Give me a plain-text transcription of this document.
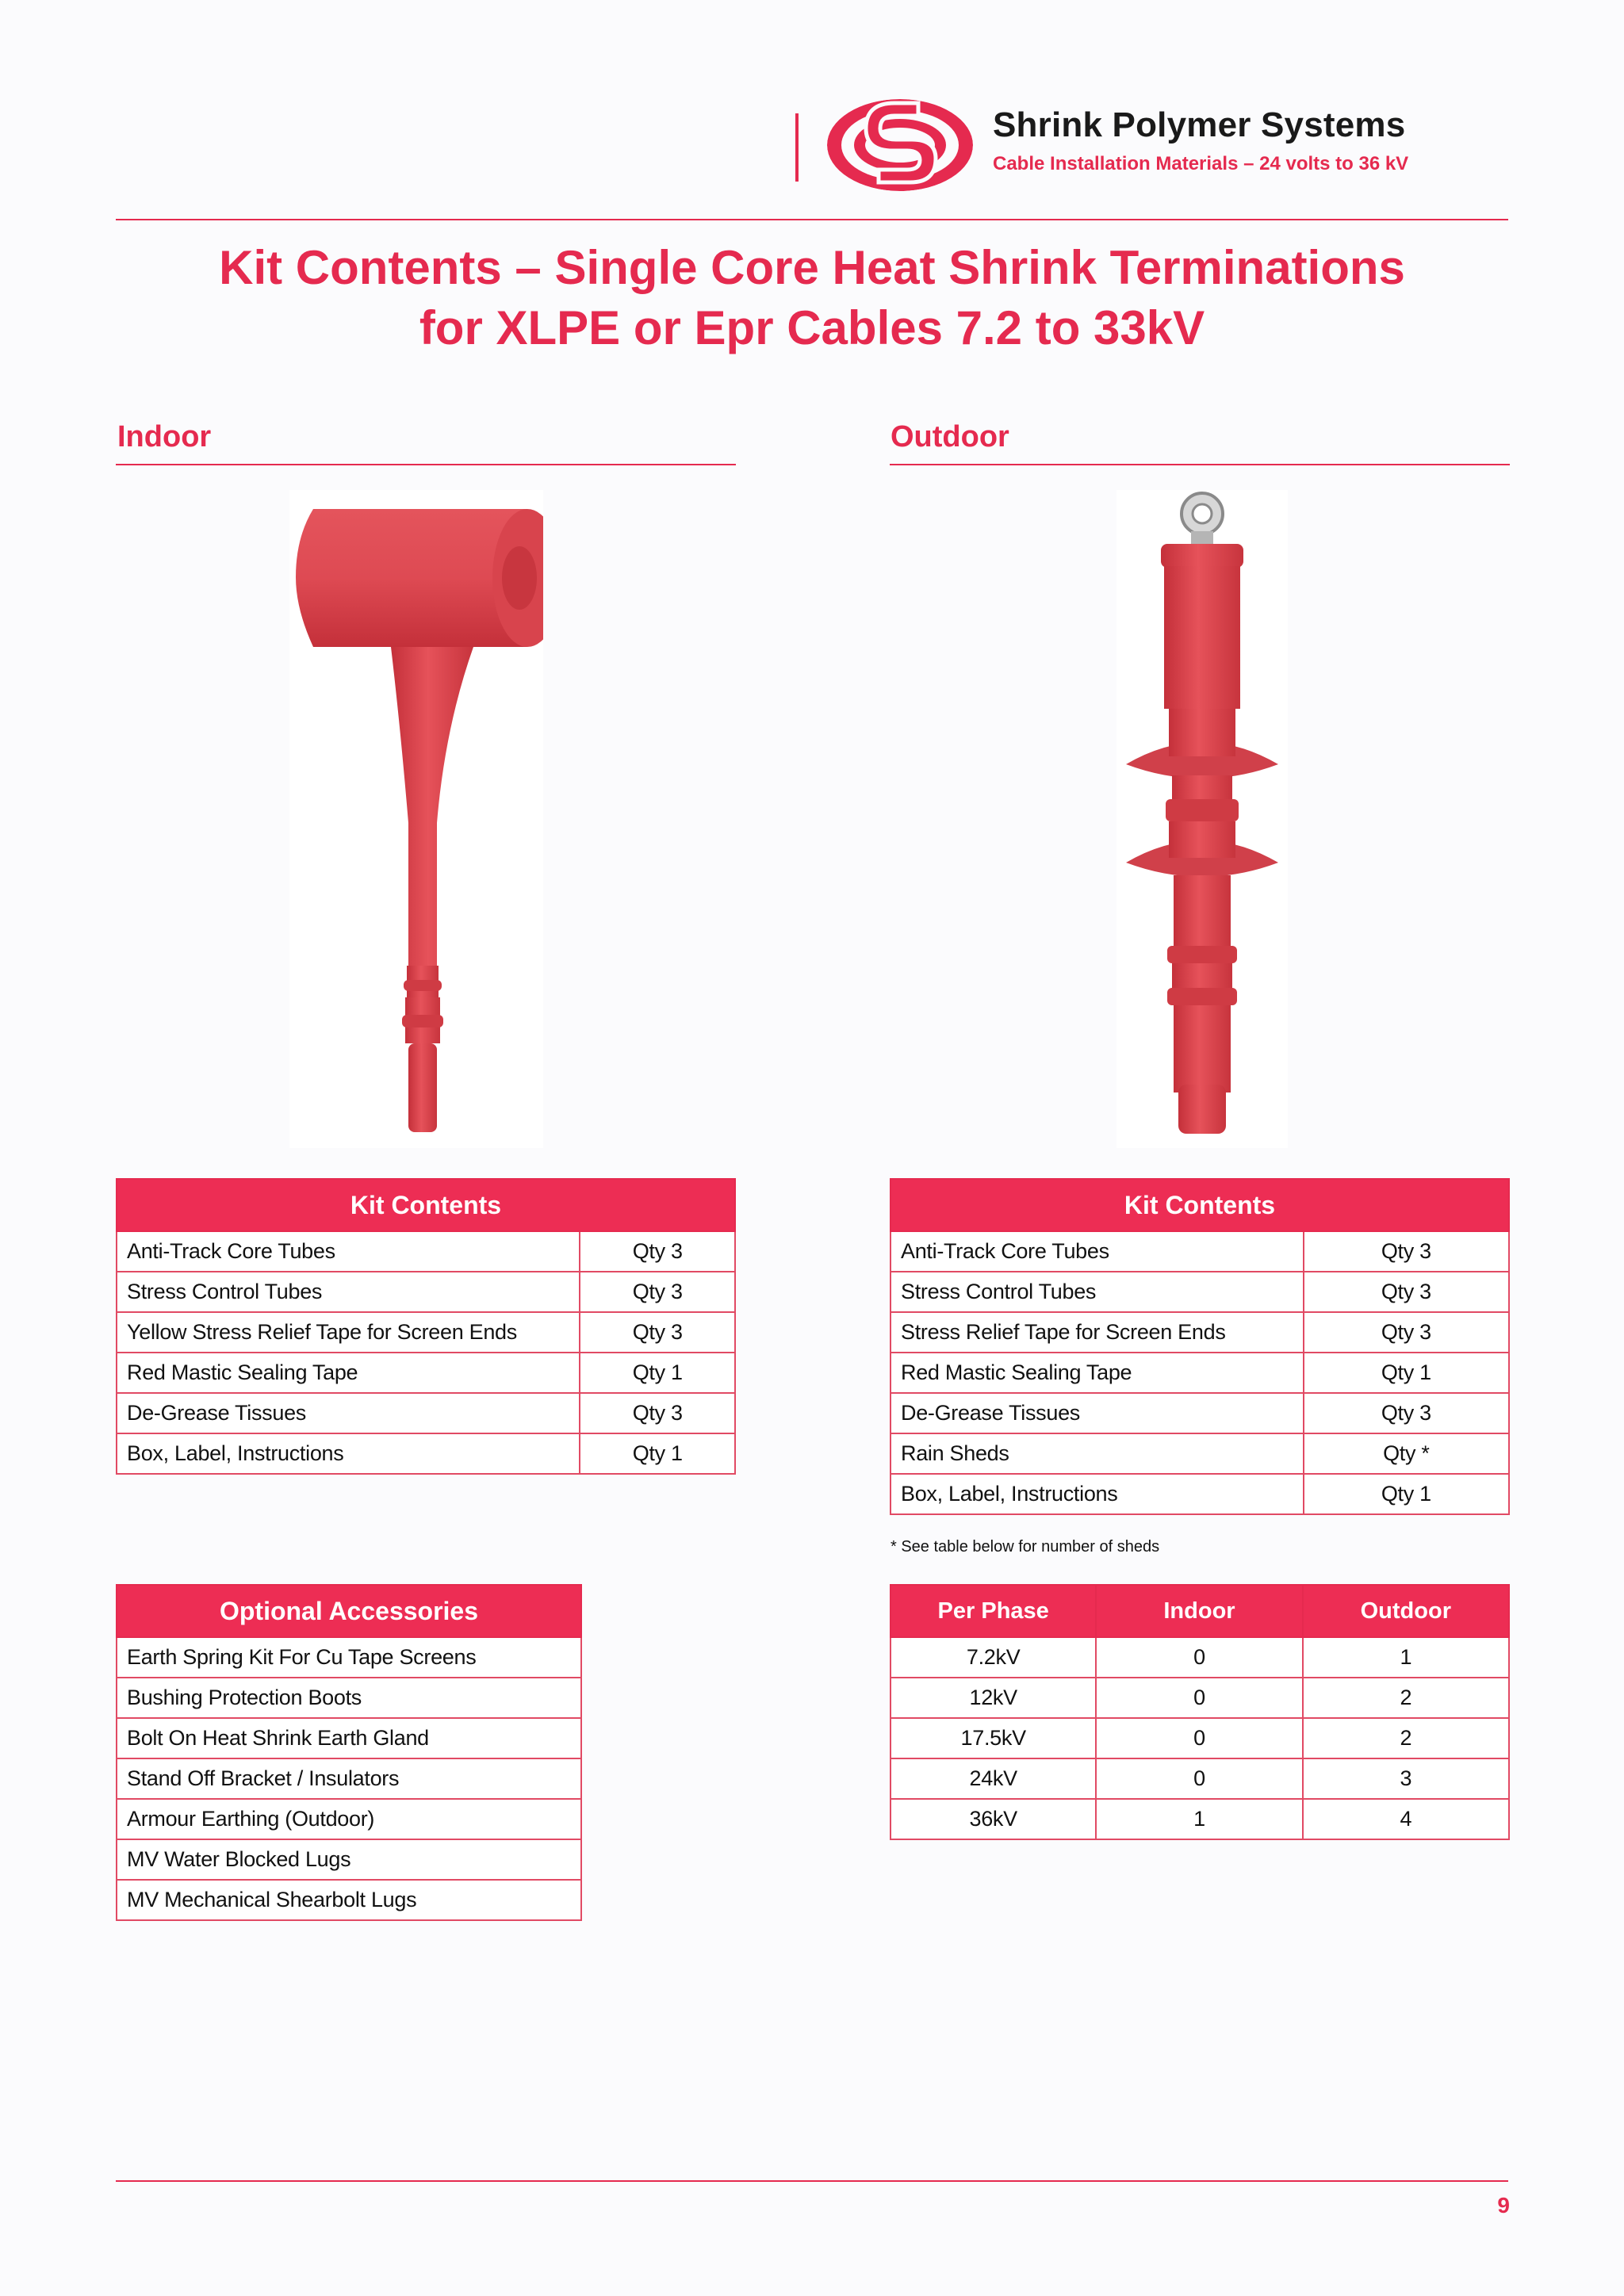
Shrink Polymer Systems
Cable Installation Materials – 24 volts to 36 kV
Kit Contents – Single Core Heat Shrink Terminations
for XLPE or Epr Cables 7.2 to 33kV
Indoor	Outdoor
Kit Contents	
Anti-Track Core Tubes	Qty 3
Stress Control Tubes	Qty 3
Yellow Stress Relief Tape for Screen Ends	Qty 3
Red Mastic Sealing Tape	Qty 1
De-Grease Tissues	Qty 3
Box, Label, Instructions	Qty 1
Kit Contents	
Anti-Track Core Tubes	Qty 3
Stress Control Tubes	Qty 3
Stress Relief Tape for Screen Ends	Qty 3
Red Mastic Sealing Tape	Qty 1
De-Grease Tissues	Qty 3
Rain Sheds	Qty *
Box, Label, Instructions	Qty 1
* See table below for number of sheds
Optional Accessories
Earth Spring Kit For Cu Tape Screens
Bushing Protection Boots
Bolt On Heat Shrink Earth Gland
Stand Off Bracket / Insulators
Armour Earthing (Outdoor)
MV Water Blocked Lugs
MV Mechanical Shearbolt Lugs
Per Phase	Indoor	Outdoor
7.2kV	0	1
12kV	0	2
17.5kV	0	2
24kV	0	3
36kV	1	4
9
